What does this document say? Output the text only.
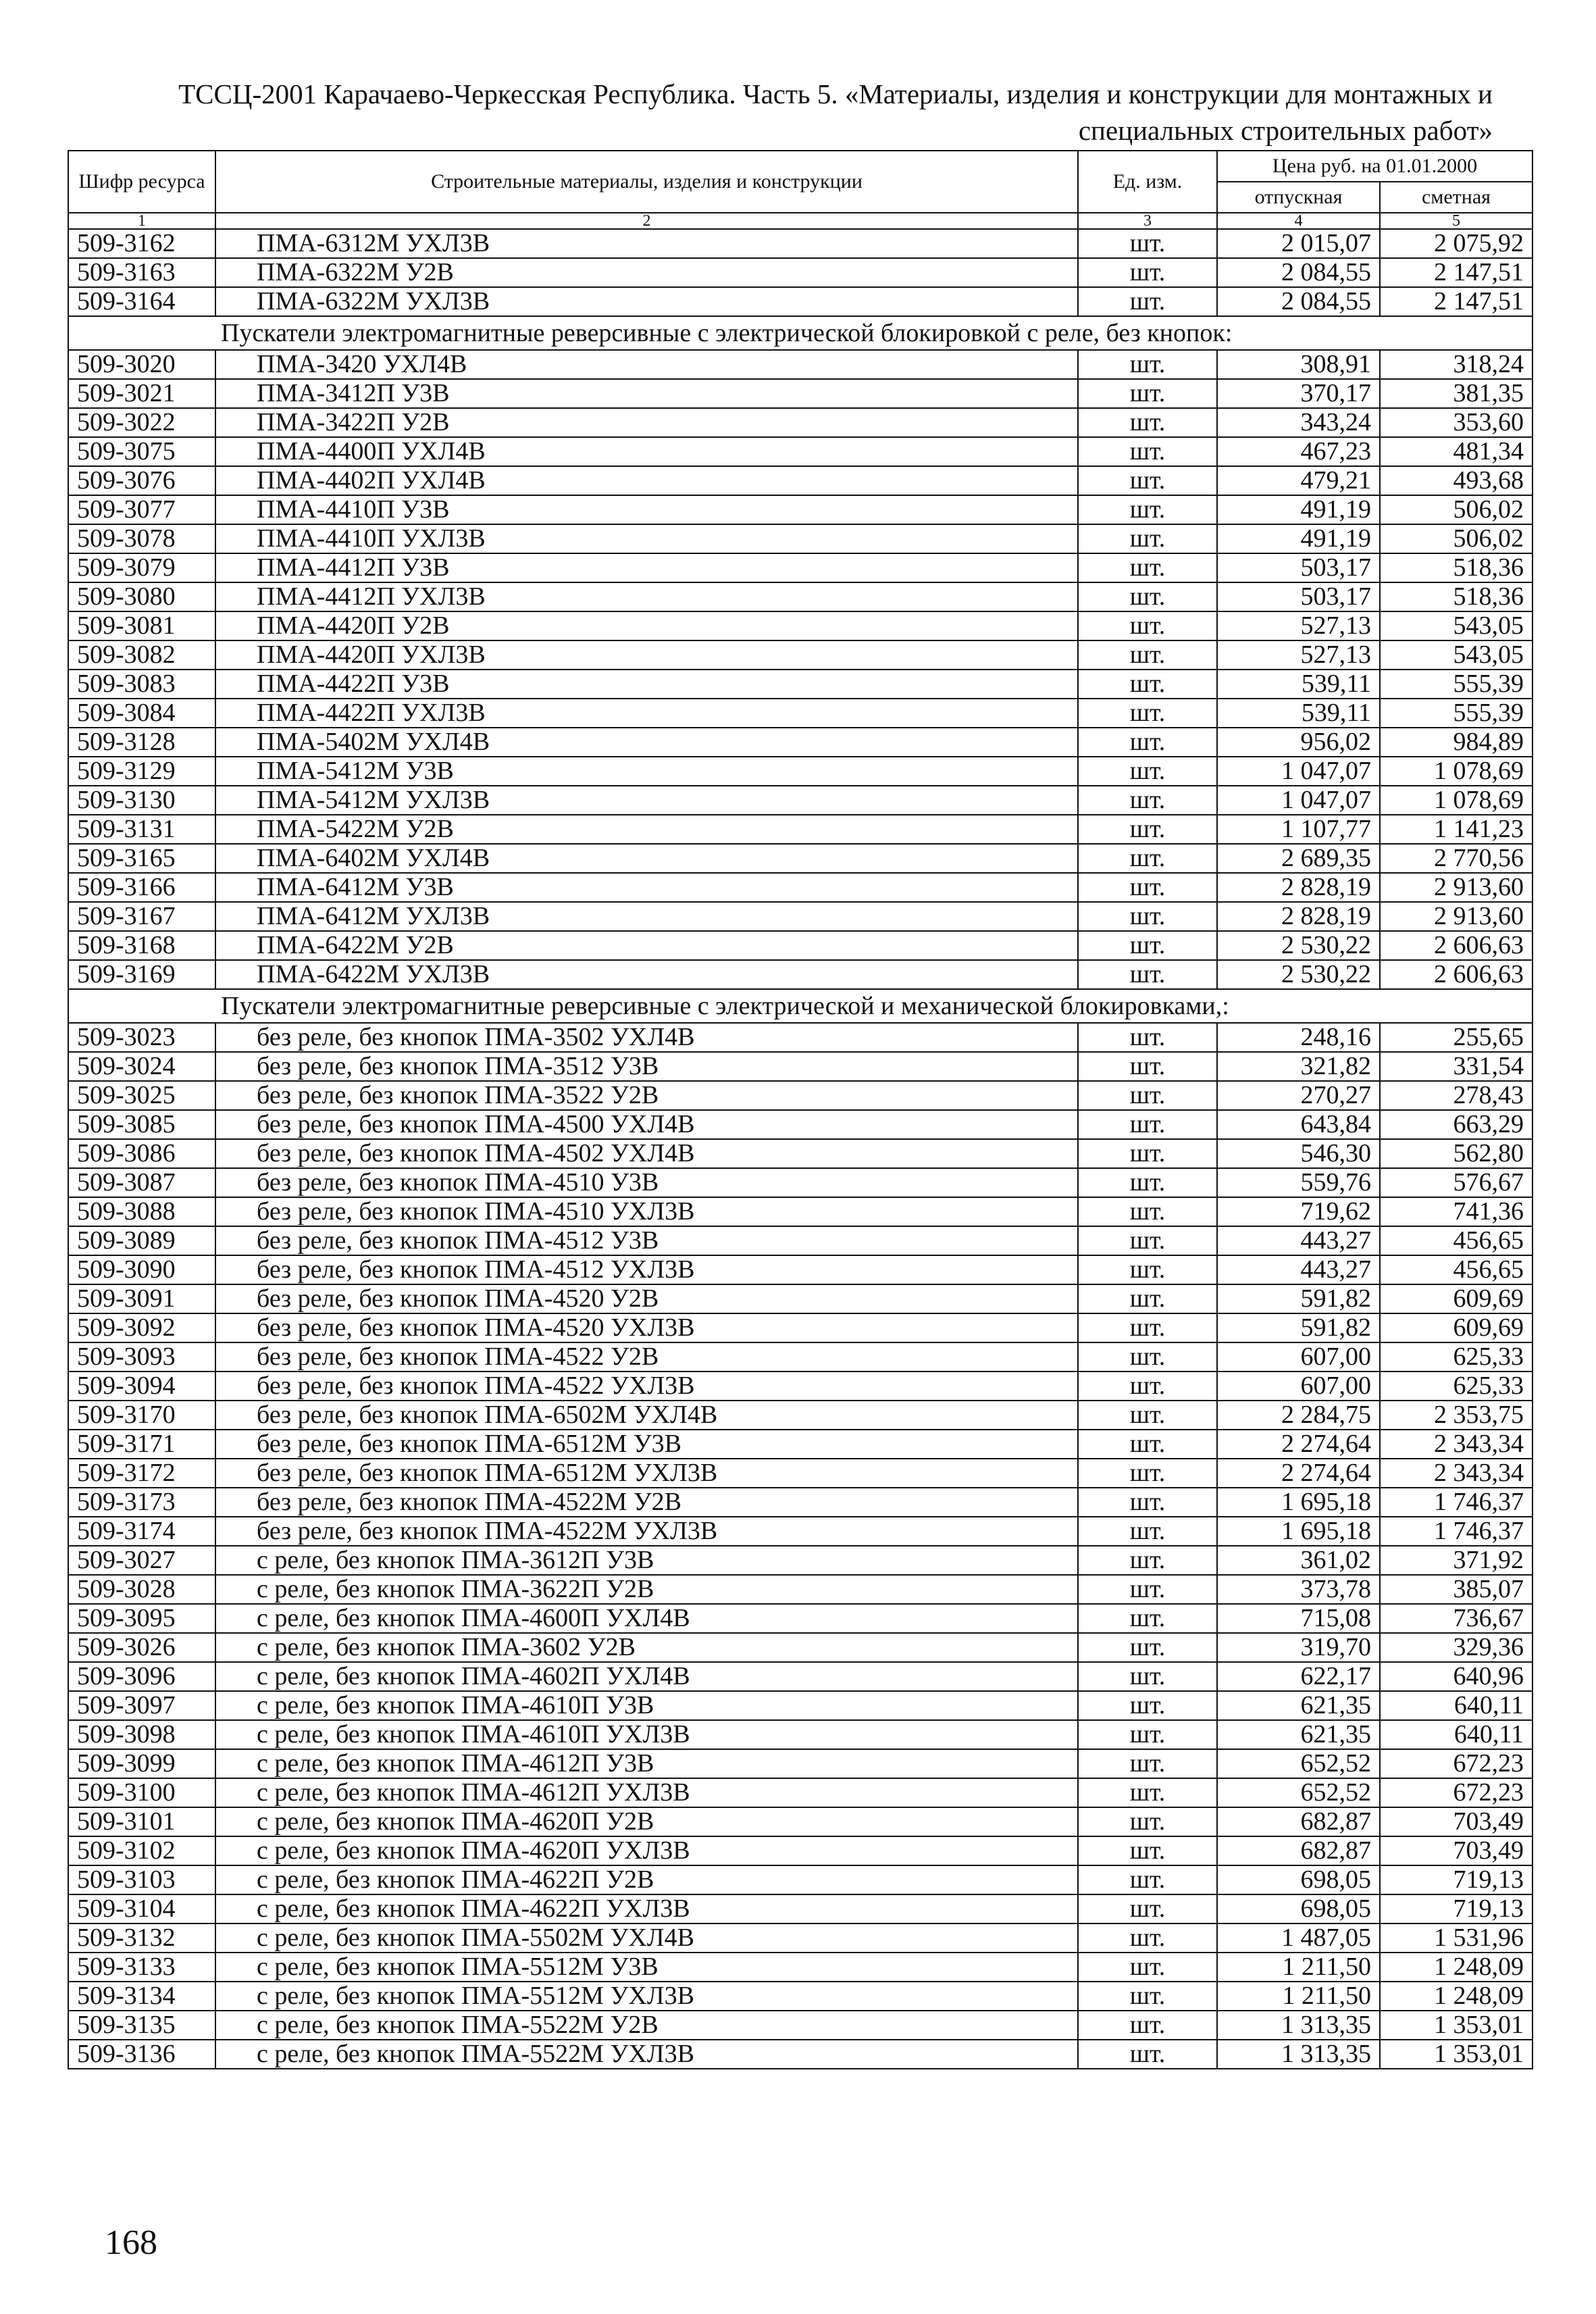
ТССЦ-2001 Карачаево-Черкесская Республика. Часть 5. «Материалы, изделия и конструкции для монтажных и
специальных строительных работ»
Шифр ресурса	Строительные материалы, изделия и конструкции	Ед. изм.	Цена руб. на 01.01.2000	
			отпускная	сметная
1	2	3	4	5
509-3162	ПМА-6312М УХЛ3В	шт.	2 015,07	2 075,92
509-3163	ПМА-6322М У2В	шт.	2 084,55	2 147,51
509-3164	ПМА-6322М УХЛ3В	шт.	2 084,55	2 147,51
Пускатели электромагнитные реверсивные с электрической блокировкой с реле, без кнопок:				
509-3020	ПМА-3420 УХЛ4В	шт.	308,91	318,24
509-3021	ПМА-3412П У3В	шт.	370,17	381,35
509-3022	ПМА-3422П У2В	шт.	343,24	353,60
509-3075	ПМА-4400П УХЛ4В	шт.	467,23	481,34
509-3076	ПМА-4402П УХЛ4В	шт.	479,21	493,68
509-3077	ПМА-4410П У3В	шт.	491,19	506,02
509-3078	ПМА-4410П УХЛ3В	шт.	491,19	506,02
509-3079	ПМА-4412П У3В	шт.	503,17	518,36
509-3080	ПМА-4412П УХЛ3В	шт.	503,17	518,36
509-3081	ПМА-4420П У2В	шт.	527,13	543,05
509-3082	ПМА-4420П УХЛ3В	шт.	527,13	543,05
509-3083	ПМА-4422П У3В	шт.	539,11	555,39
509-3084	ПМА-4422П УХЛ3В	шт.	539,11	555,39
509-3128	ПМА-5402М УХЛ4В	шт.	956,02	984,89
509-3129	ПМА-5412М У3В	шт.	1 047,07	1 078,69
509-3130	ПМА-5412М УХЛ3В	шт.	1 047,07	1 078,69
509-3131	ПМА-5422М У2В	шт.	1 107,77	1 141,23
509-3165	ПМА-6402М УХЛ4В	шт.	2 689,35	2 770,56
509-3166	ПМА-6412М У3В	шт.	2 828,19	2 913,60
509-3167	ПМА-6412М УХЛ3В	шт.	2 828,19	2 913,60
509-3168	ПМА-6422М У2В	шт.	2 530,22	2 606,63
509-3169	ПМА-6422М УХЛ3В	шт.	2 530,22	2 606,63
Пускатели электромагнитные реверсивные с электрической и механической блокировками,:				
509-3023	без реле, без кнопок ПМА-3502 УХЛ4В	шт.	248,16	255,65
509-3024	без реле, без кнопок ПМА-3512 У3В	шт.	321,82	331,54
509-3025	без реле, без кнопок ПМА-3522 У2В	шт.	270,27	278,43
509-3085	без реле, без кнопок ПМА-4500 УХЛ4В	шт.	643,84	663,29
509-3086	без реле, без кнопок ПМА-4502 УХЛ4В	шт.	546,30	562,80
509-3087	без реле, без кнопок ПМА-4510 У3В	шт.	559,76	576,67
509-3088	без реле, без кнопок ПМА-4510 УХЛ3В	шт.	719,62	741,36
509-3089	без реле, без кнопок ПМА-4512 У3В	шт.	443,27	456,65
509-3090	без реле, без кнопок ПМА-4512 УХЛ3В	шт.	443,27	456,65
509-3091	без реле, без кнопок ПМА-4520 У2В	шт.	591,82	609,69
509-3092	без реле, без кнопок ПМА-4520 УХЛ3В	шт.	591,82	609,69
509-3093	без реле, без кнопок ПМА-4522 У2В	шт.	607,00	625,33
509-3094	без реле, без кнопок ПМА-4522 УХЛ3В	шт.	607,00	625,33
509-3170	без реле, без кнопок ПМА-6502М УХЛ4В	шт.	2 284,75	2 353,75
509-3171	без реле, без кнопок ПМА-6512М У3В	шт.	2 274,64	2 343,34
509-3172	без реле, без кнопок ПМА-6512М УХЛ3В	шт.	2 274,64	2 343,34
509-3173	без реле, без кнопок ПМА-4522М У2В	шт.	1 695,18	1 746,37
509-3174	без реле, без кнопок ПМА-4522М УХЛ3В	шт.	1 695,18	1 746,37
509-3027	с реле, без кнопок ПМА-3612П У3В	шт.	361,02	371,92
509-3028	с реле, без кнопок ПМА-3622П У2В	шт.	373,78	385,07
509-3095	с реле, без кнопок ПМА-4600П УХЛ4В	шт.	715,08	736,67
509-3026	с реле, без кнопок ПМА-3602 У2В	шт.	319,70	329,36
509-3096	с реле, без кнопок ПМА-4602П УХЛ4В	шт.	622,17	640,96
509-3097	с реле, без кнопок ПМА-4610П У3В	шт.	621,35	640,11
509-3098	с реле, без кнопок ПМА-4610П УХЛ3В	шт.	621,35	640,11
509-3099	с реле, без кнопок ПМА-4612П У3В	шт.	652,52	672,23
509-3100	с реле, без кнопок ПМА-4612П УХЛ3В	шт.	652,52	672,23
509-3101	с реле, без кнопок ПМА-4620П У2В	шт.	682,87	703,49
509-3102	с реле, без кнопок ПМА-4620П УХЛ3В	шт.	682,87	703,49
509-3103	с реле, без кнопок ПМА-4622П У2В	шт.	698,05	719,13
509-3104	с реле, без кнопок ПМА-4622П УХЛ3В	шт.	698,05	719,13
509-3132	с реле, без кнопок ПМА-5502М УХЛ4В	шт.	1 487,05	1 531,96
509-3133	с реле, без кнопок ПМА-5512М У3В	шт.	1 211,50	1 248,09
509-3134	с реле, без кнопок ПМА-5512М УХЛ3В	шт.	1 211,50	1 248,09
509-3135	с реле, без кнопок ПМА-5522М У2В	шт.	1 313,35	1 353,01
509-3136	с реле, без кнопок ПМА-5522М УХЛ3В	шт.	1 313,35	1 353,01
168
